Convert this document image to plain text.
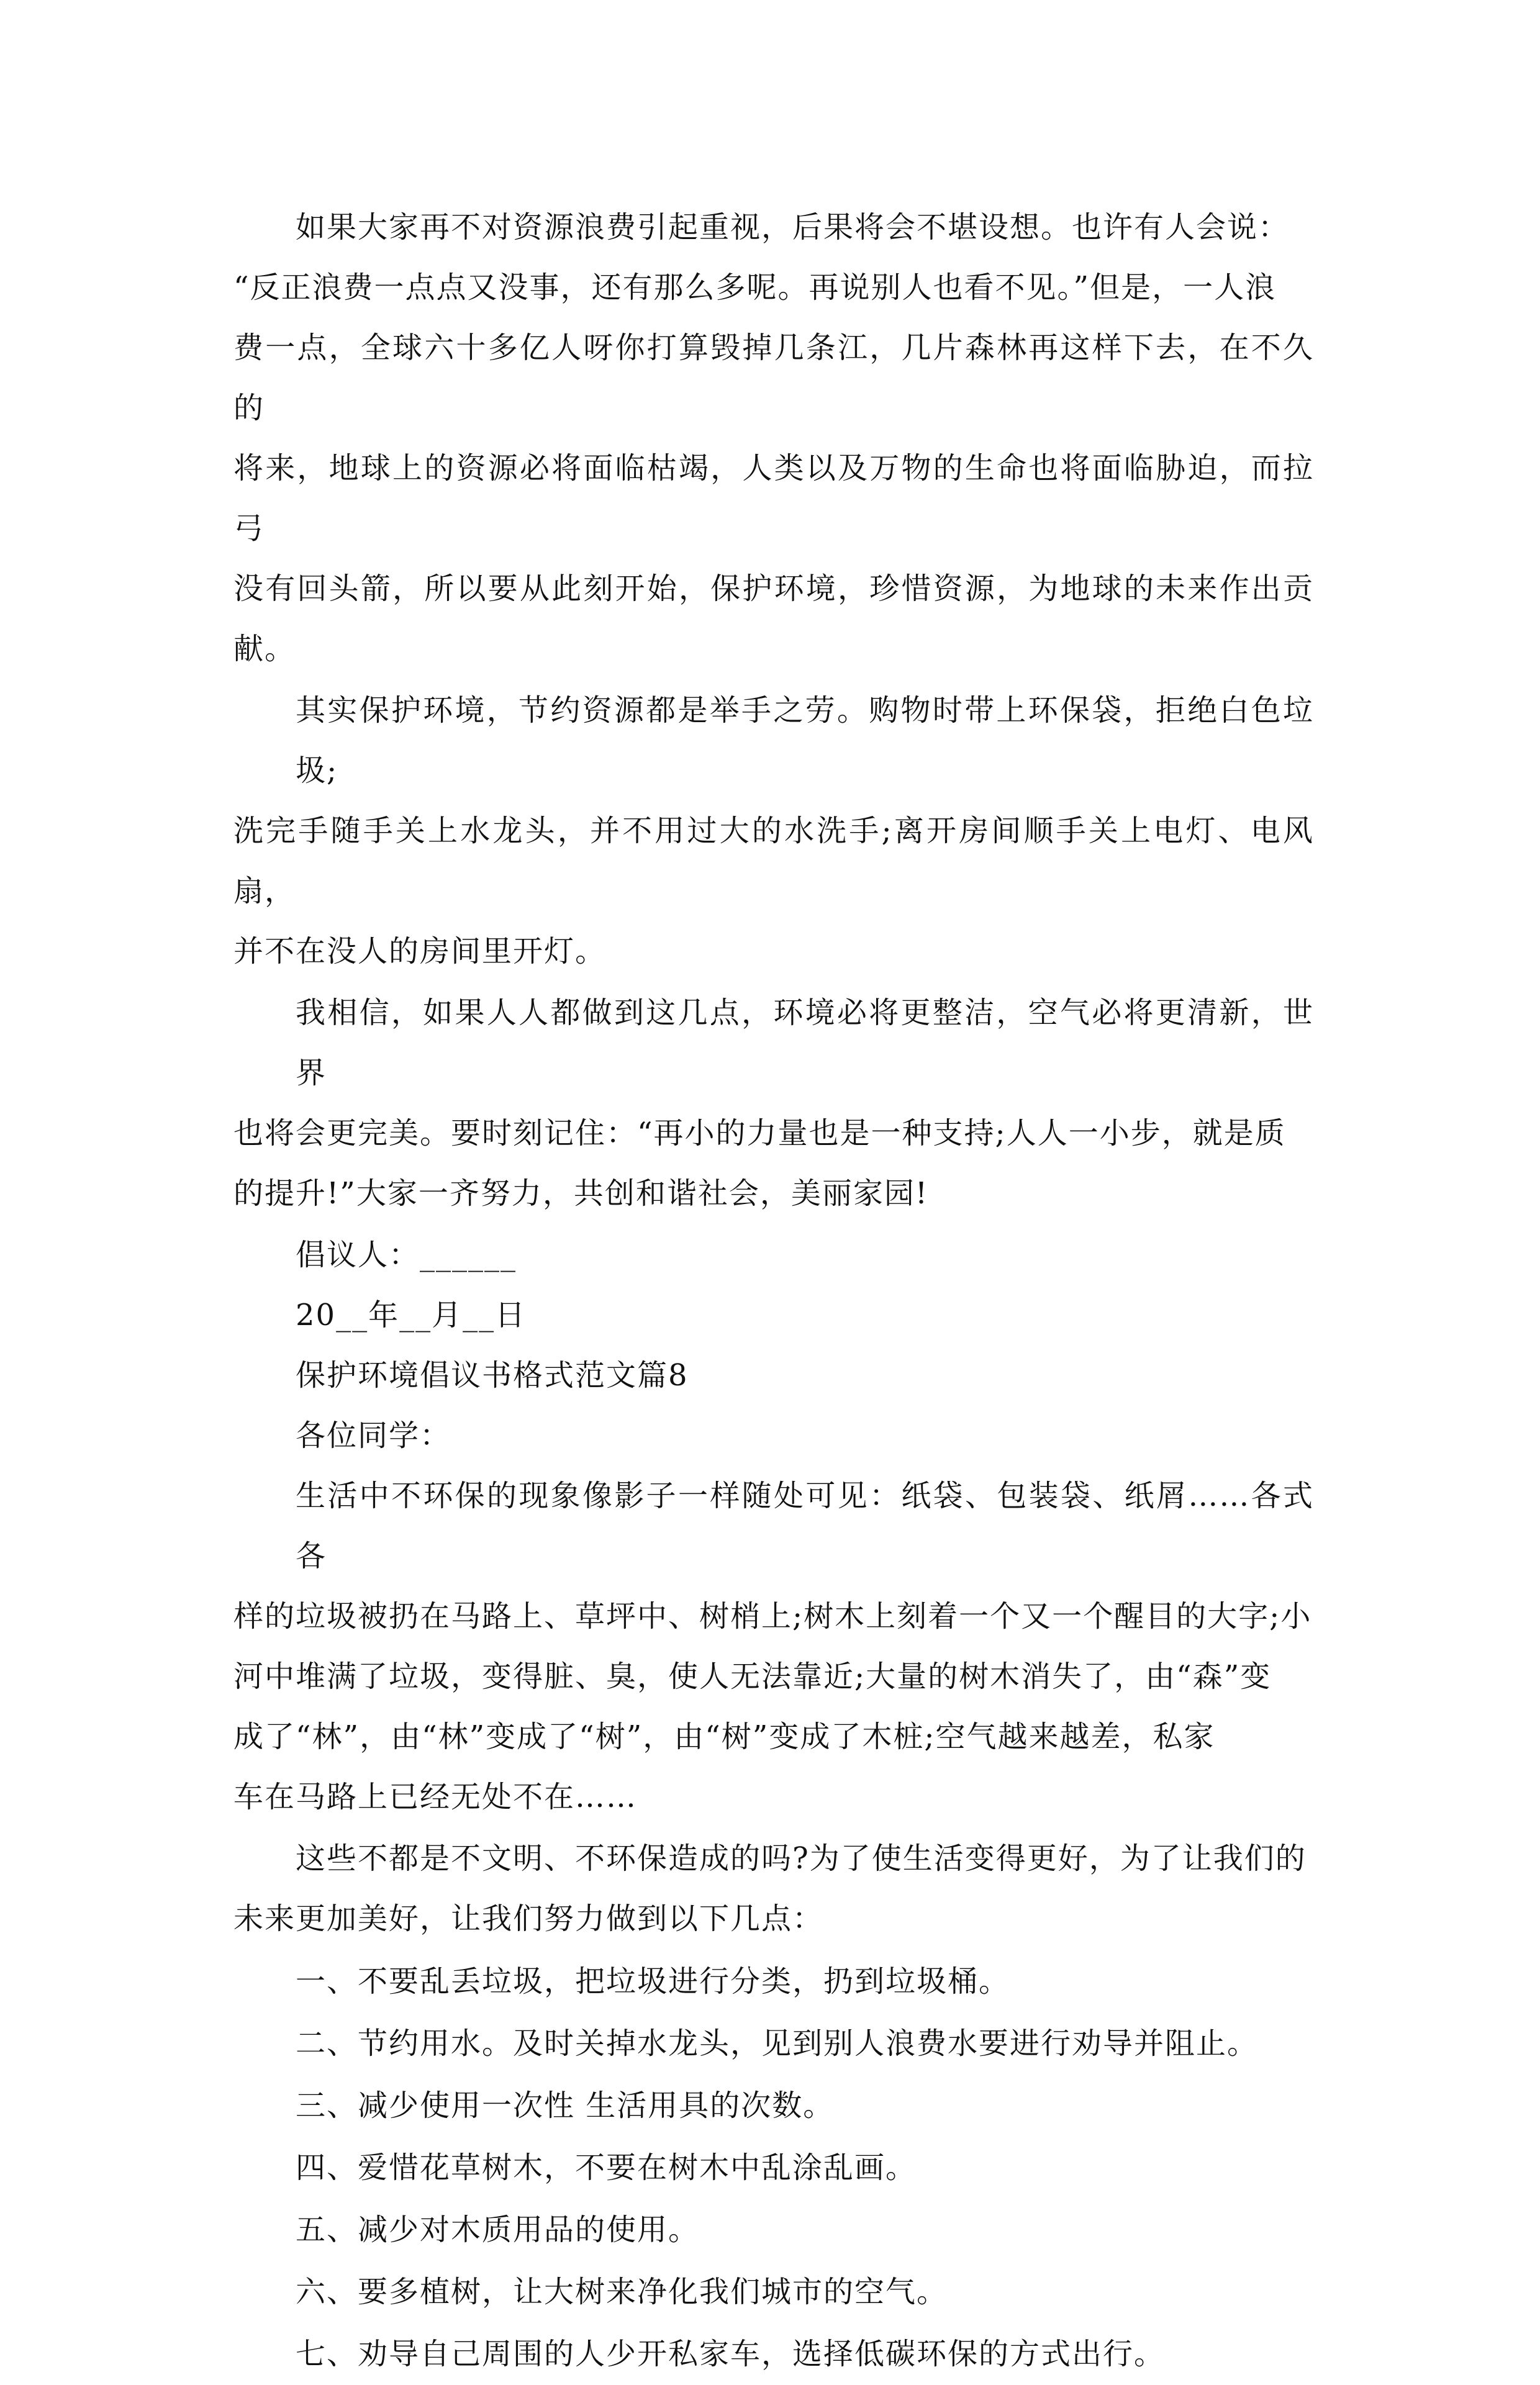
如果大家再不对资源浪费引起重视，后果将会不堪设想。也许有人会说：
“反正浪费一点点又没事，还有那么多呢。再说别人也看不见。”但是，一人浪
费一点，全球六十多亿人呀你打算毁掉几条江，几片森林再这样下去，在不久的
将来，地球上的资源必将面临枯竭，人类以及万物的生命也将面临胁迫，而拉弓
没有回头箭，所以要从此刻开始，保护环境，珍惜资源，为地球的未来作出贡献。
其实保护环境，节约资源都是举手之劳。购物时带上环保袋，拒绝白色垃圾;
洗完手随手关上水龙头，并不用过大的水洗手;离开房间顺手关上电灯、电风扇，
并不在没人的房间里开灯。
我相信，如果人人都做到这几点，环境必将更整洁，空气必将更清新，世界
也将会更完美。要时刻记住：“再小的力量也是一种支持;人人一小步，就是质
的提升!”大家一齐努力，共创和谐社会，美丽家园!

倡议人：______

20__年__月__日

保护环境倡议书格式范文篇8

各位同学：

生活中不环保的现象像影子一样随处可见：纸袋、包装袋、纸屑……各式各
样的垃圾被扔在马路上、草坪中、树梢上;树木上刻着一个又一个醒目的大字;小
河中堆满了垃圾，变得脏、臭，使人无法靠近;大量的树木消失了，由“森”变
成了“林”，由“林”变成了“树”，由“树”变成了木桩;空气越来越差，私家
车在马路上已经无处不在……
这些不都是不文明、不环保造成的吗?为了使生活变得更好，为了让我们的
未来更加美好，让我们努力做到以下几点：

一、不要乱丢垃圾，把垃圾进行分类，扔到垃圾桶。

二、节约用水。及时关掉水龙头，见到别人浪费水要进行劝导并阻止。

三、减少使用一次性 生活用具的次数。

四、爱惜花草树木，不要在树木中乱涂乱画。

五、减少对木质用品的使用。

六、要多植树，让大树来净化我们城市的空气。

七、劝导自己周围的人少开私家车，选择低碳环保的方式出行。
